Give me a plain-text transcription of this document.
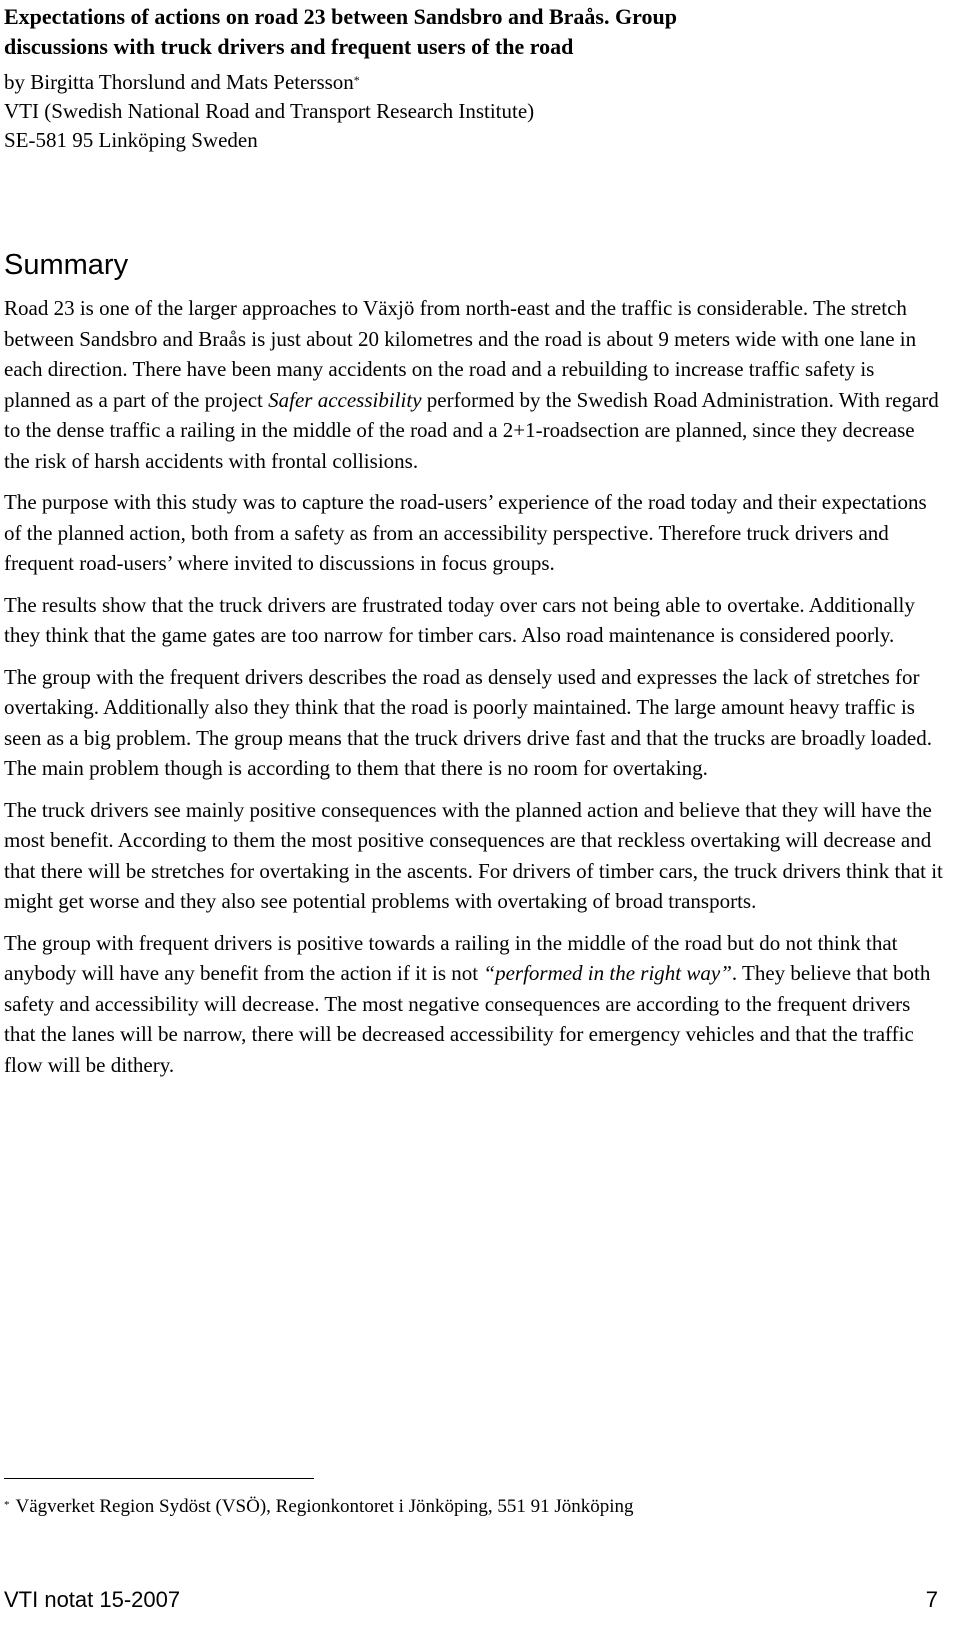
Expectations of actions on road 23 between Sandsbro and Braås. Group
discussions with truck drivers and frequent users of the road
by Birgitta Thorslund and Mats Petersson*
VTI (Swedish National Road and Transport Research Institute)
SE-581 95 Linköping Sweden
Summary

Road 23 is one of the larger approaches to Växjö from north-east and the traffic is considerable. The stretch between Sandsbro and Braås is just about 20 kilometres and the road is about 9 meters wide with one lane in each direction. There have been many accidents on the road and a rebuilding to increase traffic safety is planned as a part of the project Safer accessibility performed by the Swedish Road Administration. With regard to the dense traffic a railing in the middle of the road and a 2+1-roadsection are planned, since they decrease the risk of harsh accidents with frontal collisions.

The purpose with this study was to capture the road-users’ experience of the road today and their expectations of the planned action, both from a safety as from an accessibility perspective. Therefore truck drivers and frequent road-users’ where invited to discussions in focus groups.

The results show that the truck drivers are frustrated today over cars not being able to overtake. Additionally they think that the game gates are too narrow for timber cars. Also road maintenance is considered poorly.

The group with the frequent drivers describes the road as densely used and expresses the lack of stretches for overtaking. Additionally also they think that the road is poorly maintained. The large amount heavy traffic is seen as a big problem. The group means that the truck drivers drive fast and that the trucks are broadly loaded. The main problem though is according to them that there is no room for overtaking.

The truck drivers see mainly positive consequences with the planned action and believe that they will have the most benefit. According to them the most positive consequences are that reckless overtaking will decrease and that there will be stretches for overtaking in the ascents. For drivers of timber cars, the truck drivers think that it might get worse and they also see potential problems with overtaking of broad transports.

The group with frequent drivers is positive towards a railing in the middle of the road but do not think that anybody will have any benefit from the action if it is not “performed in the right way”. They believe that both safety and accessibility will decrease. The most negative consequences are according to the frequent drivers that the lanes will be narrow, there will be decreased accessibility for emergency vehicles and that the traffic flow will be dithery.

* Vägverket Region Sydöst (VSÖ), Regionkontoret i Jönköping, 551 91 Jönköping
VTI notat 15-2007	7
